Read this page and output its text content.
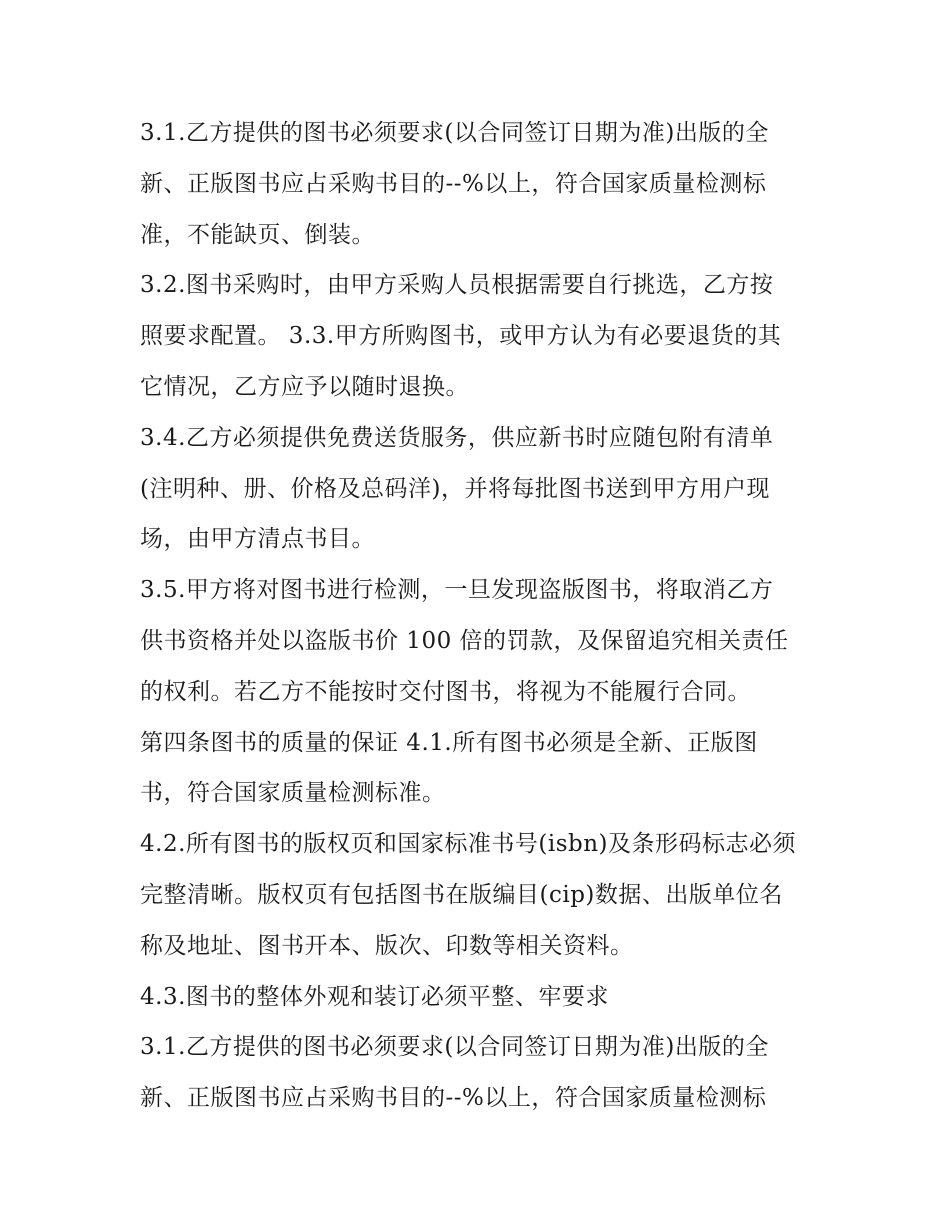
3.1.乙方提供的图书必须要求(以合同签订日期为准)出版的全
新、正版图书应占采购书目的--%以上，符合国家质量检测标
准，不能缺页、倒装。
3.2.图书采购时，由甲方采购人员根据需要自行挑选，乙方按
照要求配置。 3.3.甲方所购图书，或甲方认为有必要退货的其
它情况，乙方应予以随时退换。
3.4.乙方必须提供免费送货服务，供应新书时应随包附有清单
(注明种、册、价格及总码洋)，并将每批图书送到甲方用户现
场，由甲方清点书目。
3.5.甲方将对图书进行检测，一旦发现盗版图书，将取消乙方
供书资格并处以盗版书价 100 倍的罚款，及保留追究相关责任
的权利。若乙方不能按时交付图书，将视为不能履行合同。
第四条图书的质量的保证 4.1.所有图书必须是全新、正版图
书，符合国家质量检测标准。
4.2.所有图书的版权页和国家标准书号(isbn)及条形码标志必须
完整清晰。版权页有包括图书在版编目(cip)数据、出版单位名
称及地址、图书开本、版次、印数等相关资料。
4.3.图书的整体外观和装订必须平整、牢要求
3.1.乙方提供的图书必须要求(以合同签订日期为准)出版的全
新、正版图书应占采购书目的--%以上，符合国家质量检测标
